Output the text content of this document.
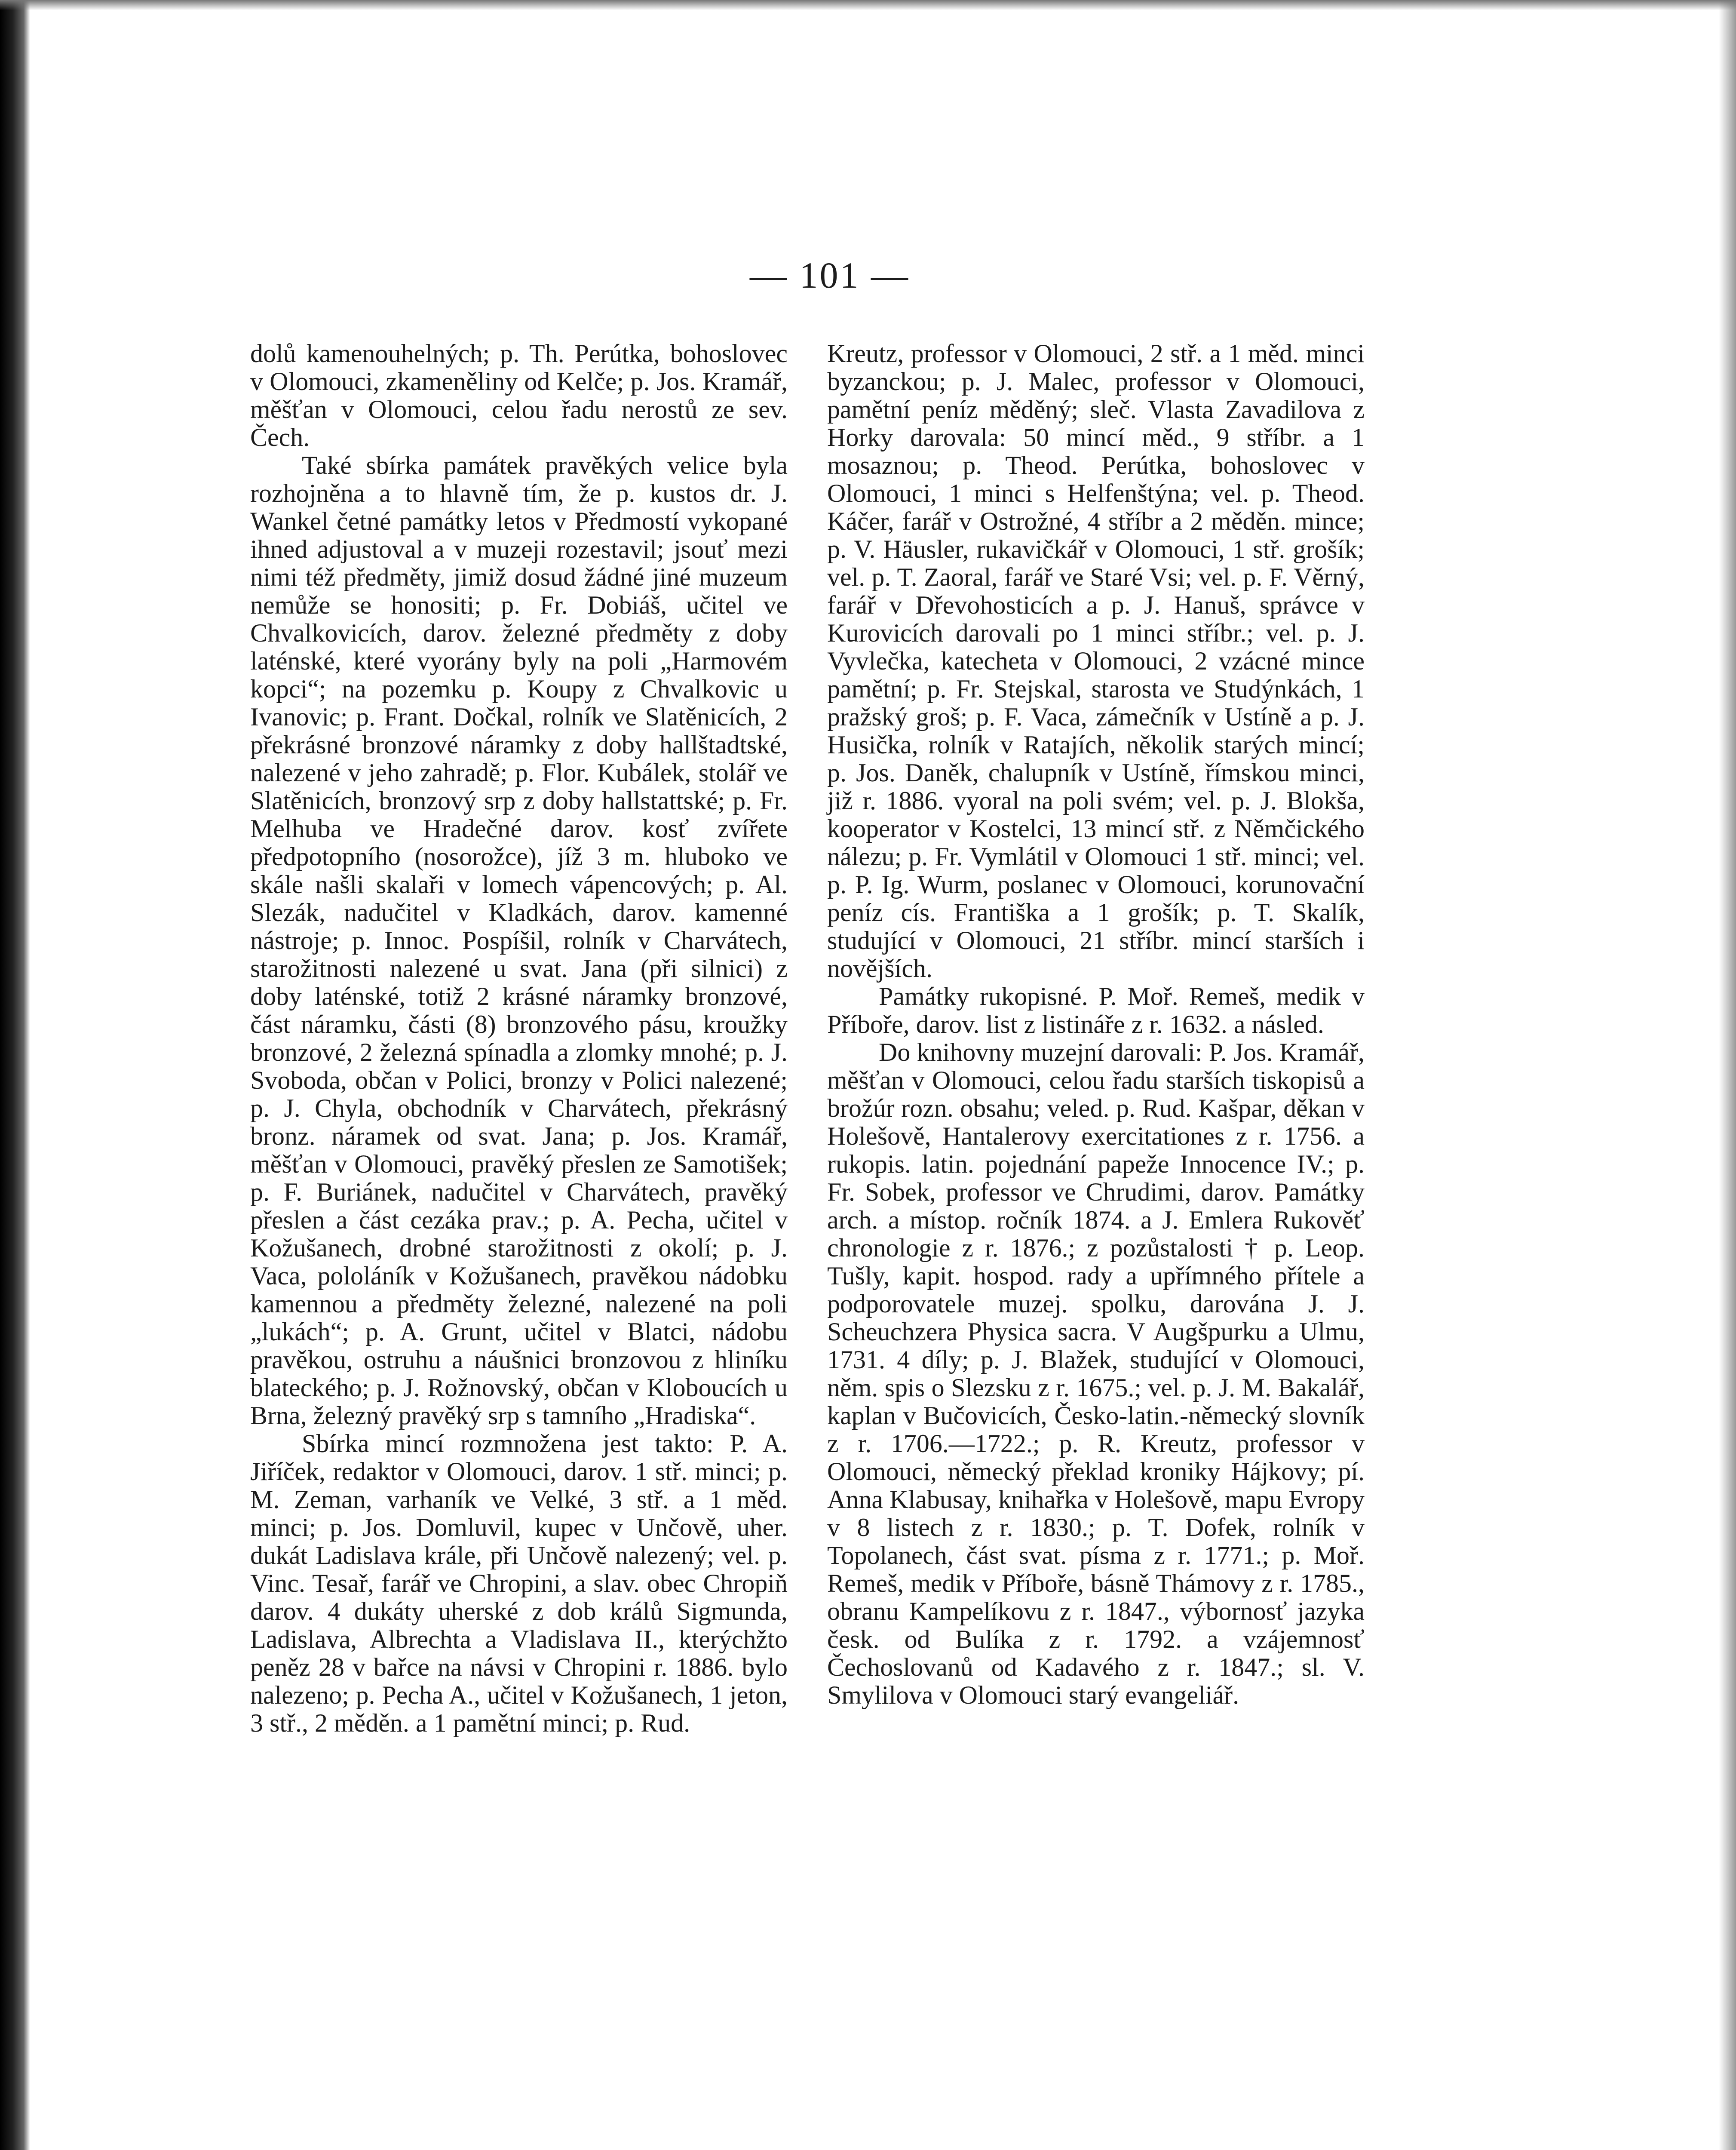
— 101 —

dolů kamenouhelných; p. Th. Perútka, bohoslovec v Olomouci, zkameněliny od Kelče; p. Jos. Kramář, měšťan v Olomouci, celou řadu nerostů ze sev. Čech.

Také sbírka památek pravěkých velice byla rozhojněna a to hlavně tím, že p. kustos dr. J. Wankel četné památky letos v Předmostí vykopané ihned adjustoval a v muzeji rozestavil; jsouť mezi nimi též předměty, jimiž dosud žádné jiné muzeum nemůže se honositi; p. Fr. Dobiáš, učitel ve Chvalkovicích, darov. železné předměty z doby laténské, které vyorány byly na poli „Harmovém kopci“; na pozemku p. Koupy z Chvalkovic u Ivanovic; p. Frant. Dočkal, rolník ve Slatěnicích, 2 překrásné bronzové náramky z doby hallštadtské, nalezené v jeho zahradě; p. Flor. Kubálek, stolář ve Slatěnicích, bronzový srp z doby hallstattské; p. Fr. Melhuba ve Hradečné darov. kosť zvířete předpotopního (nosorožce), jíž 3 m. hluboko ve skále našli skalaři v lomech vápencových; p. Al. Slezák, nadučitel v Kladkách, darov. kamenné nástroje; p. Innoc. Pospíšil, rolník v Charvátech, starožitnosti nalezené u svat. Jana (při silnici) z doby laténské, totiž 2 krásné náramky bronzové, část náramku, části (8) bronzového pásu, kroužky bronzové, 2 železná spínadla a zlomky mnohé; p. J. Svoboda, občan v Polici, bronzy v Polici nalezené; p. J. Chyla, obchodník v Charvátech, překrásný bronz. náramek od svat. Jana; p. Jos. Kramář, měšťan v Olomouci, pravěký přeslen ze Samotišek; p. F. Buriánek, nadučitel v Charvátech, pravěký přeslen a část cezáka prav.; p. A. Pecha, učitel v Kožušanech, drobné starožitnosti z okolí; p. J. Vaca, pololáník v Kožušanech, pravěkou nádobku kamennou a předměty železné, nalezené na poli „lukách“; p. A. Grunt, učitel v Blatci, nádobu pravěkou, ostruhu a náušnici bronzovou z hliníku blateckého; p. J. Rožnovský, občan v Kloboucích u Brna, železný pravěký srp s tamního „Hradiska“.

Sbírka mincí rozmnožena jest takto: P. A. Jiříček, redaktor v Olomouci, darov. 1 stř. minci; p. M. Zeman, varhaník ve Velké, 3 stř. a 1 měd. minci; p. Jos. Domluvil, kupec v Unčově, uher. dukát Ladislava krále, při Unčově nalezený; vel. p. Vinc. Tesař, farář ve Chropini, a slav. obec Chropiň darov. 4 dukáty uherské z dob králů Sigmunda, Ladislava, Albrechta a Vladislava II., kterýchžto peněz 28 v bařce na návsi v Chropini r. 1886. bylo nalezeno; p. Pecha A., učitel v Kožušanech, 1 jeton, 3 stř., 2 měděn. a 1 pamětní minci; p. Rud.

Kreutz, professor v Olomouci, 2 stř. a 1 měd. minci byzanckou; p. J. Malec, professor v Olomouci, pamětní peníz měděný; sleč. Vlasta Zavadilova z Horky darovala: 50 mincí měd., 9 stříbr. a 1 mosaznou; p. Theod. Perútka, bohoslovec v Olomouci, 1 minci s Helfenštýna; vel. p. Theod. Káčer, farář v Ostrožné, 4 stříbr a 2 měděn. mince; p. V. Häusler, rukavičkář v Olomouci, 1 stř. grošík; vel. p. T. Zaoral, farář ve Staré Vsi; vel. p. F. Věrný, farář v Dřevohosticích a p. J. Hanuš, správce v Kurovicích darovali po 1 minci stříbr.; vel. p. J. Vyvlečka, katecheta v Olomouci, 2 vzácné mince pamětní; p. Fr. Stejskal, starosta ve Studýnkách, 1 pražský groš; p. F. Vaca, zámečník v Ustíně a p. J. Husička, rolník v Ratajích, několik starých mincí; p. Jos. Daněk, chalupník v Ustíně, římskou minci, již r. 1886. vyoral na poli svém; vel. p. J. Blokša, kooperator v Kostelci, 13 mincí stř. z Němčického nálezu; p. Fr. Vymlátil v Olomouci 1 stř. minci; vel. p. P. Ig. Wurm, poslanec v Olomouci, korunovační peníz cís. Františka a 1 grošík; p. T. Skalík, studující v Olomouci, 21 stříbr. mincí starších i novějších.

Památky rukopisné. P. Moř. Remeš, medik v Příboře, darov. list z listináře z r. 1632. a násled.

Do knihovny muzejní darovali: P. Jos. Kramář, měšťan v Olomouci, celou řadu starších tiskopisů a brožúr rozn. obsahu; veled. p. Rud. Kašpar, děkan v Holešově, Hantalerovy exercitationes z r. 1756. a rukopis. latin. pojednání papeže Innocence IV.; p. Fr. Sobek, professor ve Chrudimi, darov. Památky arch. a místop. ročník 1874. a J. Emlera Rukověť chronologie z r. 1876.; z pozůstalosti † p. Leop. Tušly, kapit. hospod. rady a upřímného přítele a podporovatele muzej. spolku, darována J. J. Scheuchzera Physica sacra. V Augšpurku a Ulmu, 1731. 4 díly; p. J. Blažek, studující v Olomouci, něm. spis o Slezsku z r. 1675.; vel. p. J. M. Bakalář, kaplan v Bučovicích, Česko-latin.-německý slovník z r. 1706.—1722.; p. R. Kreutz, professor v Olomouci, německý překlad kroniky Hájkovy; pí. Anna Klabusay, knihařka v Holešově, mapu Evropy v 8 listech z r. 1830.; p. T. Dofek, rolník v Topolanech, část svat. písma z r. 1771.; p. Moř. Remeš, medik v Příboře, básně Thámovy z r. 1785., obranu Kampelíkovu z r. 1847., výbornosť jazyka česk. od Bulíka z r. 1792. a vzájemnosť Čechoslovanů od Kadavého z r. 1847.; sl. V. Smylilova v Olomouci starý evangeliář.
